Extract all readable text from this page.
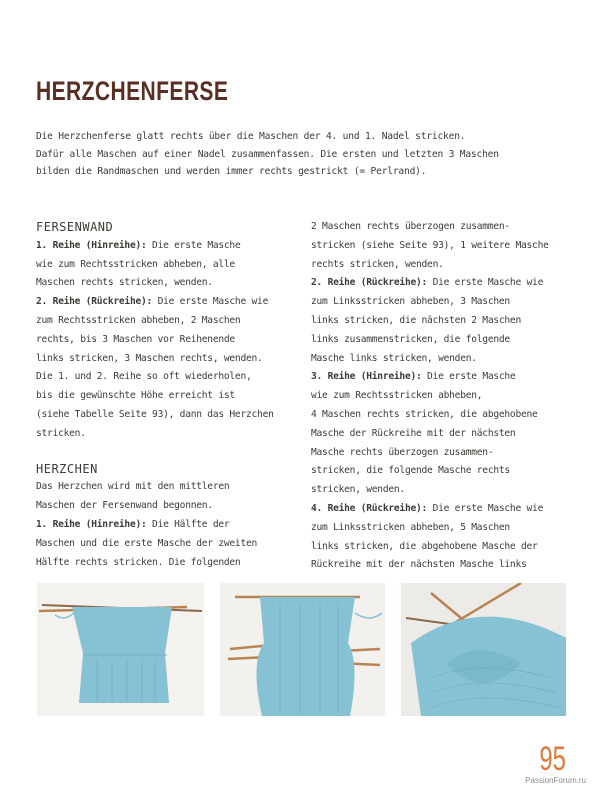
HERZCHENFERSE
Die Herzchenferse glatt rechts über die Maschen der 4. und 1. Nadel stricken.
Dafür alle Maschen auf einer Nadel zusammenfassen. Die ersten und letzten 3 Maschen
bilden die Randmaschen und werden immer rechts gestrickt (= Perlrand).
FERSENWAND
1. Reihe (Hinreihe): Die erste Masche
wie zum Rechtsstricken abheben, alle
Maschen rechts stricken, wenden.
2. Reihe (Rückreihe): Die erste Masche wie
zum Rechtsstricken abheben, 2 Maschen
rechts, bis 3 Maschen vor Reihenende
links stricken, 3 Maschen rechts, wenden.
Die 1. und 2. Reihe so oft wiederholen,
bis die gewünschte Höhe erreicht ist
(siehe Tabelle Seite 93), dann das Herzchen
stricken.
HERZCHEN
Das Herzchen wird mit den mittleren
Maschen der Fersenwand begonnen.
1. Reihe (Hinreihe): Die Hälfte der
Maschen und die erste Masche der zweiten
Hälfte rechts stricken. Die folgenden
2 Maschen rechts überzogen zusammen-
stricken (siehe Seite 93), 1 weitere Masche
rechts stricken, wenden.
2. Reihe (Rückreihe): Die erste Masche wie
zum Linksstricken abheben, 3 Maschen
links stricken, die nächsten 2 Maschen
links zusammenstricken, die folgende
Masche links stricken, wenden.
3. Reihe (Hinreihe): Die erste Masche
wie zum Rechtsstricken abheben,
4 Maschen rechts stricken, die abgehobene
Masche der Rückreihe mit der nächsten
Masche rechts überzogen zusammen-
stricken, die folgende Masche rechts
stricken, wenden.
4. Reihe (Rückreihe): Die erste Masche wie
zum Linksstricken abheben, 5 Maschen
links stricken, die abgehobene Masche der
Rückreihe mit der nächsten Masche links
95
PassionForum.ru
